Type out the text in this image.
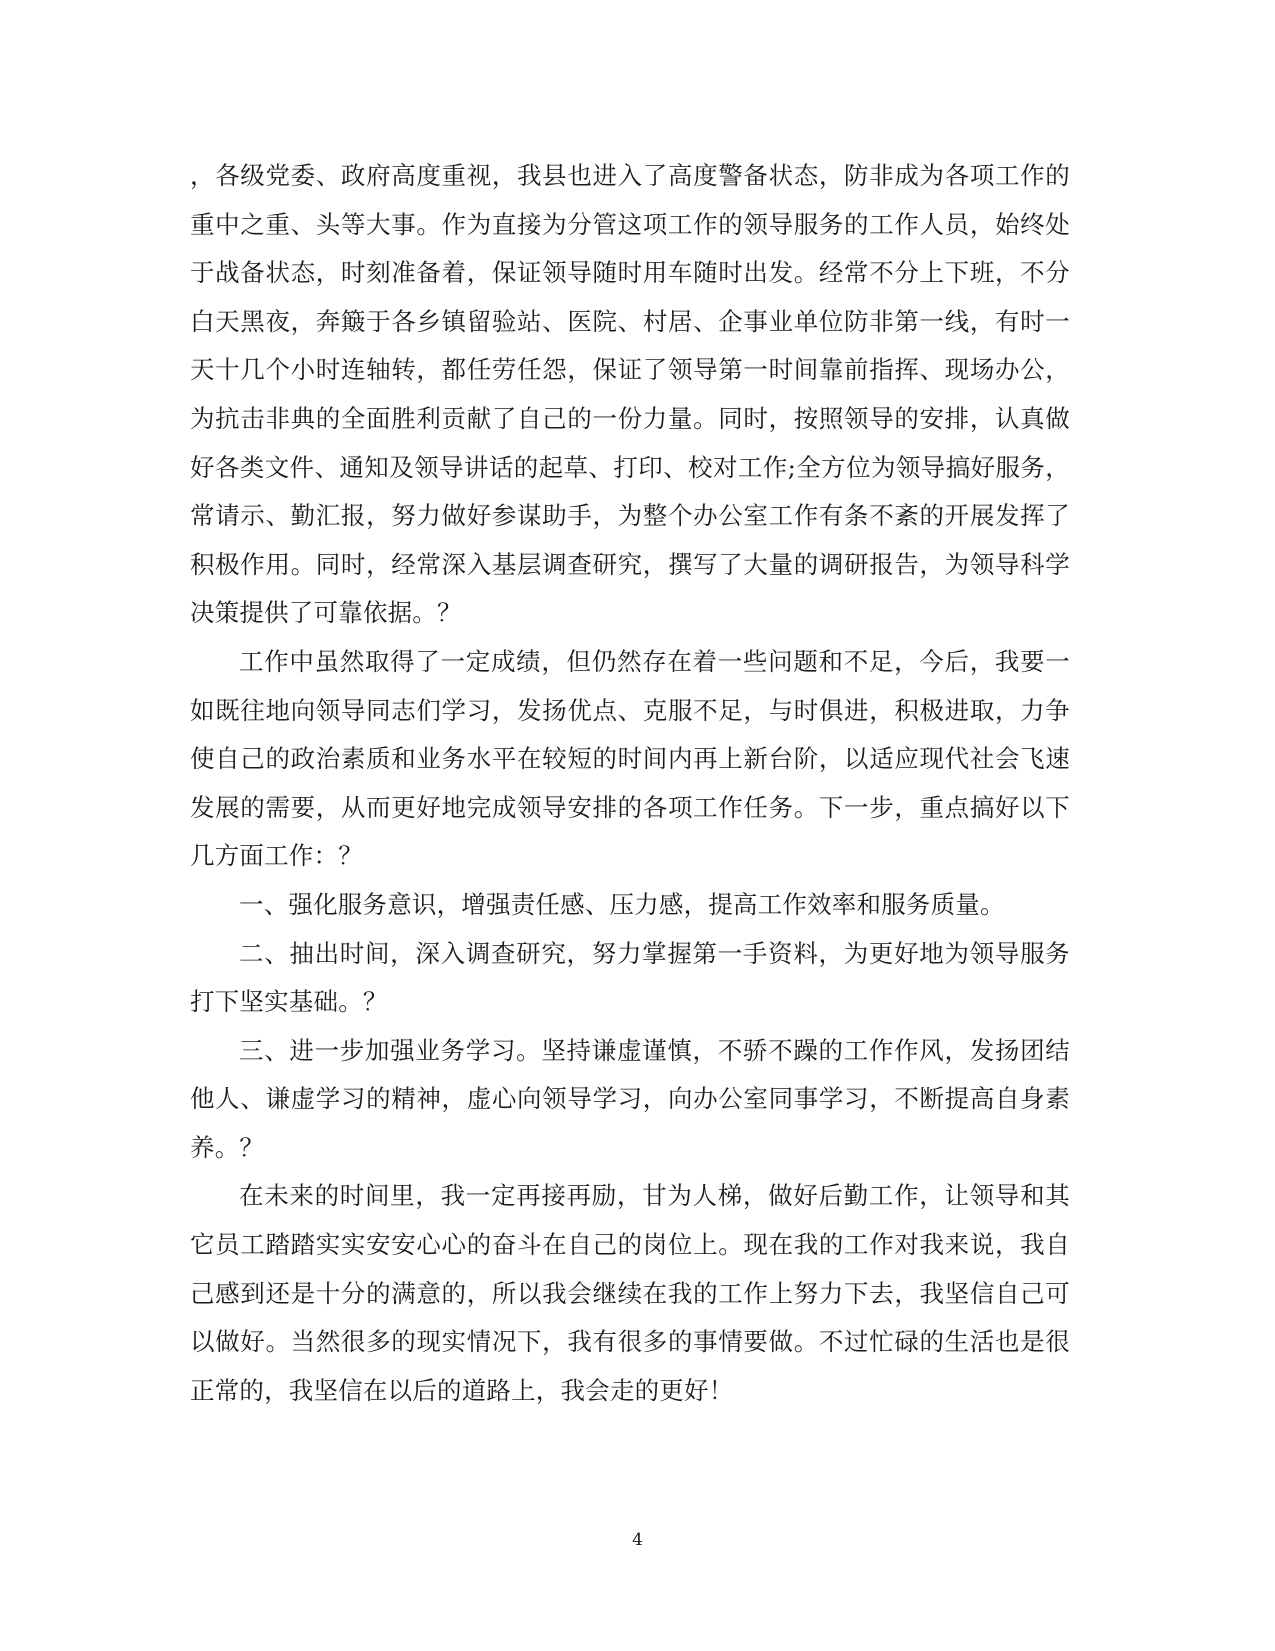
，各级党委、政府高度重视，我县也进入了高度警备状态，防非成为各项工作的重中之重、头等大事。作为直接为分管这项工作的领导服务的工作人员，始终处于战备状态，时刻准备着，保证领导随时用车随时出发。经常不分上下班，不分白天黑夜，奔簸于各乡镇留验站、医院、村居、企事业单位防非第一线，有时一天十几个小时连轴转，都任劳任怨，保证了领导第一时间靠前指挥、现场办公，为抗击非典的全面胜利贡献了自己的一份力量。同时，按照领导的安排，认真做好各类文件、通知及领导讲话的起草、打印、校对工作;全方位为领导搞好服务，常请示、勤汇报，努力做好参谋助手，为整个办公室工作有条不紊的开展发挥了积极作用。同时，经常深入基层调查研究，撰写了大量的调研报告，为领导科学决策提供了可靠依据。？

工作中虽然取得了一定成绩，但仍然存在着一些问题和不足，今后，我要一如既往地向领导同志们学习，发扬优点、克服不足，与时俱进，积极进取，力争使自己的政治素质和业务水平在较短的时间内再上新台阶，以适应现代社会飞速发展的需要，从而更好地完成领导安排的各项工作任务。下一步，重点搞好以下几方面工作：？

一、强化服务意识，增强责任感、压力感，提高工作效率和服务质量。

二、抽出时间，深入调查研究，努力掌握第一手资料，为更好地为领导服务打下坚实基础。？

三、进一步加强业务学习。坚持谦虚谨慎，不骄不躁的工作作风，发扬团结他人、谦虚学习的精神，虚心向领导学习，向办公室同事学习，不断提高自身素养。？

在未来的时间里，我一定再接再励，甘为人梯，做好后勤工作，让领导和其它员工踏踏实实安安心心的奋斗在自己的岗位上。现在我的工作对我来说，我自己感到还是十分的满意的，所以我会继续在我的工作上努力下去，我坚信自己可以做好。当然很多的现实情况下，我有很多的事情要做。不过忙碌的生活也是很正常的，我坚信在以后的道路上，我会走的更好！

4
